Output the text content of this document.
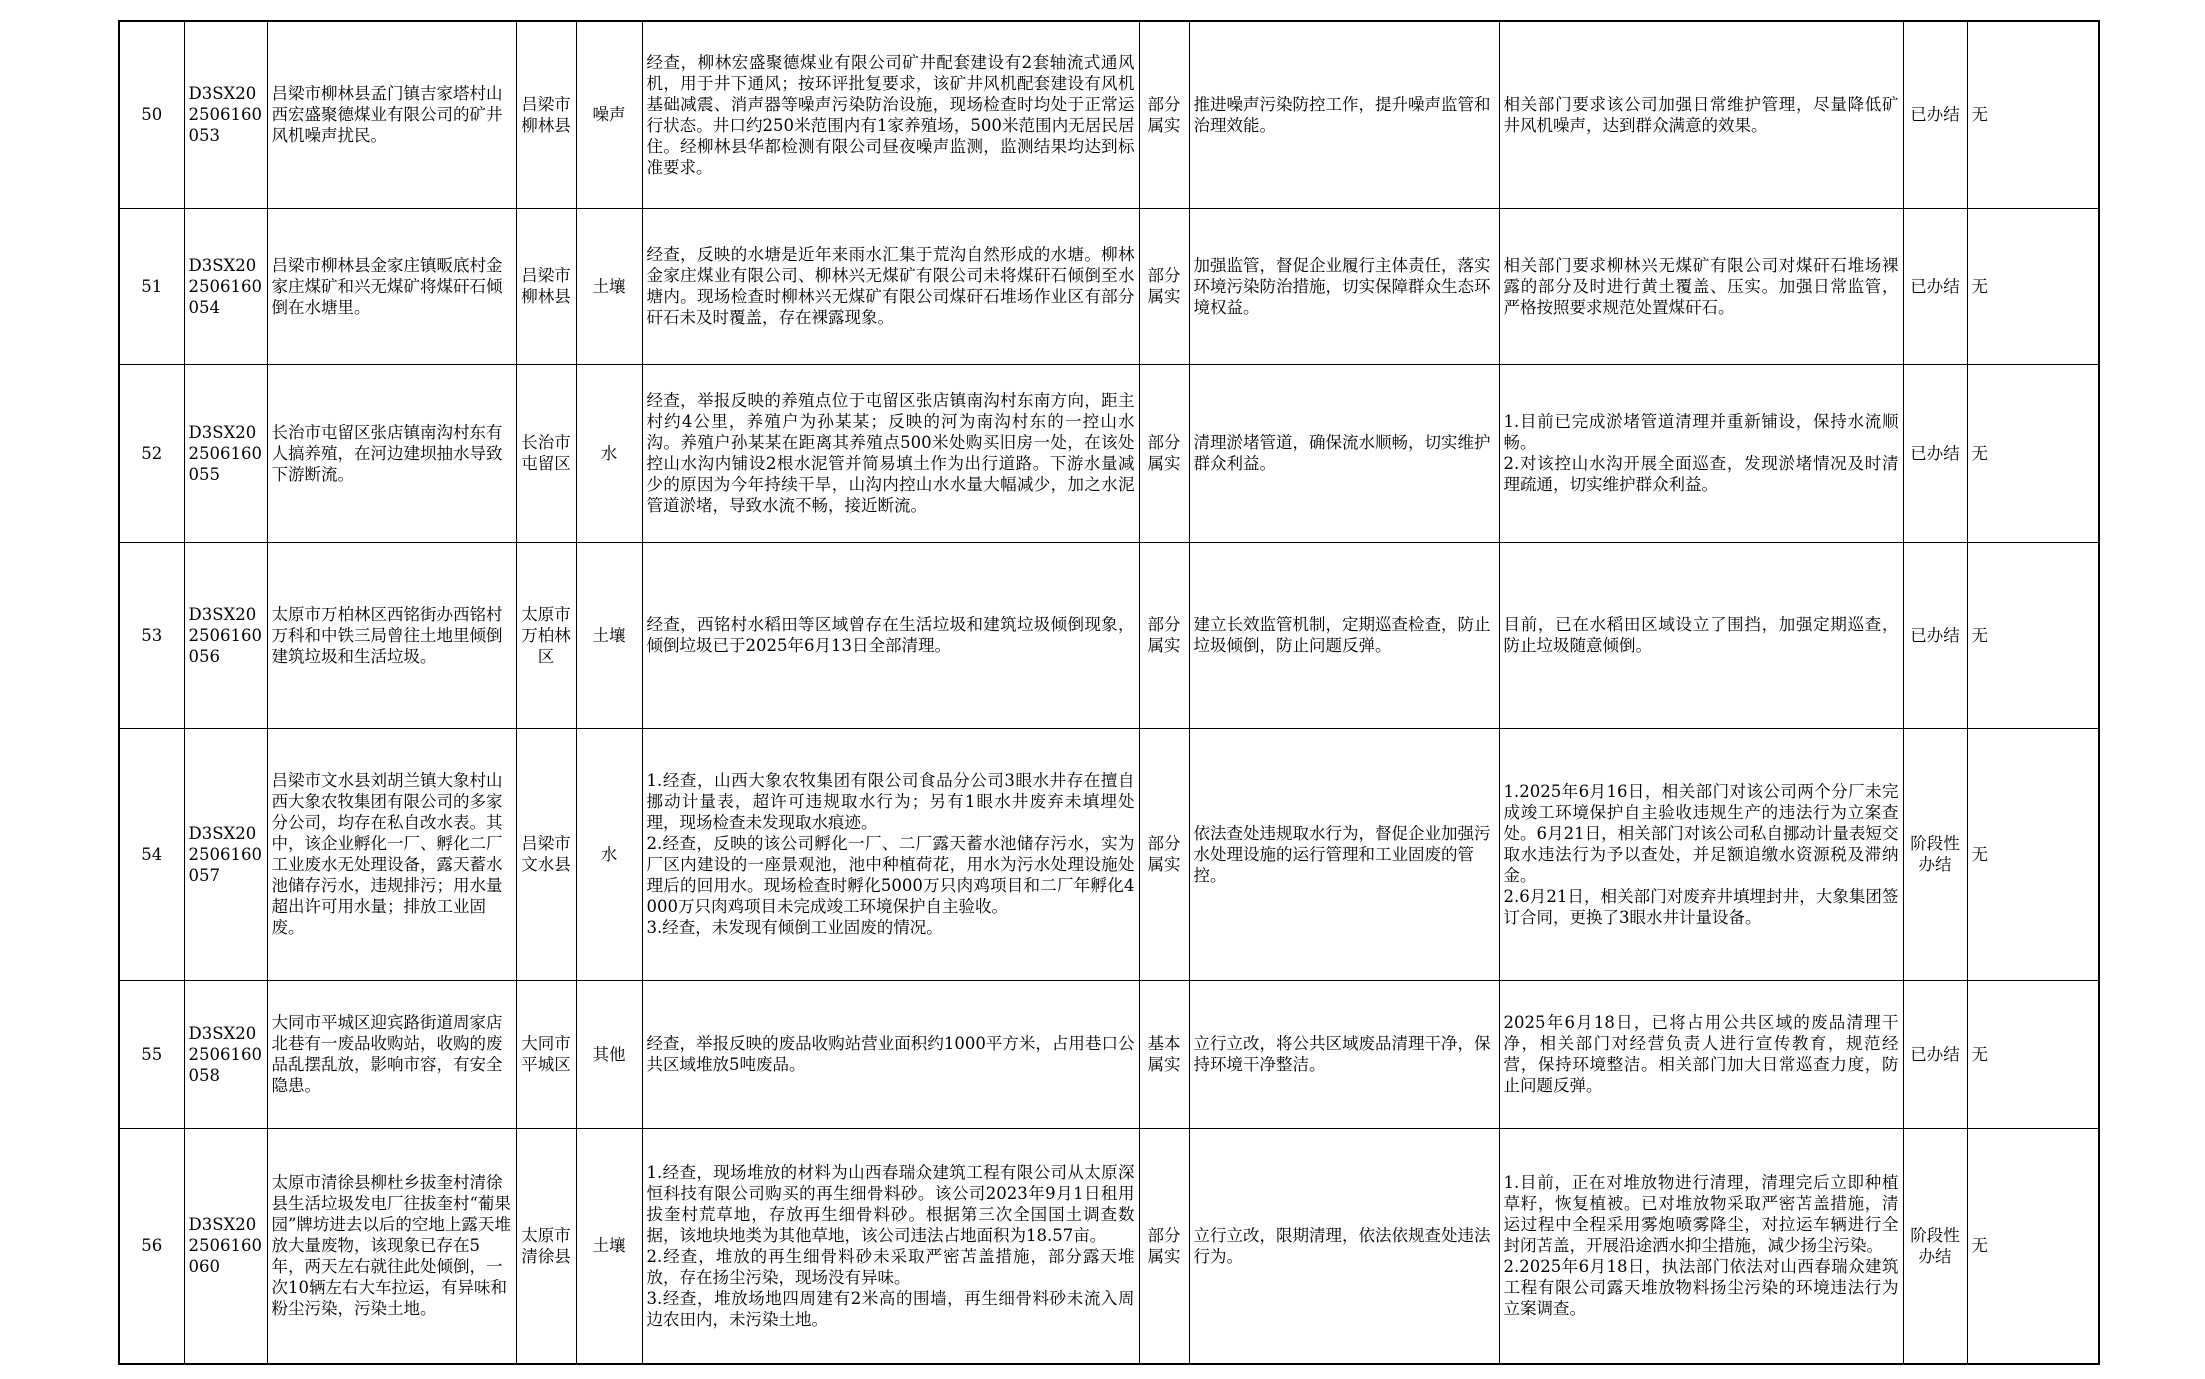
50	D3SX202506160053	吕梁市柳林县孟门镇吉家塔村山西宏盛聚德煤业有限公司的矿井风机噪声扰民。	吕梁市柳林县	噪声	经查，柳林宏盛聚德煤业有限公司矿井配套建设有2套轴流式通风机，用于井下通风；按环评批复要求，该矿井风机配套建设有风机基础减震、消声器等噪声污染防治设施，现场检查时均处于正常运行状态。井口约250米范围内有1家养殖场，500米范围内无居民居住。经柳林县华都检测有限公司昼夜噪声监测，监测结果均达到标准要求。	部分属实	推进噪声污染防控工作，提升噪声监管和治理效能。	相关部门要求该公司加强日常维护管理，尽量降低矿井风机噪声，达到群众满意的效果。	已办结	无
51	D3SX202506160054	吕梁市柳林县金家庄镇畈底村金家庄煤矿和兴无煤矿将煤矸石倾倒在水塘里。	吕梁市柳林县	土壤	经查，反映的水塘是近年来雨水汇集于荒沟自然形成的水塘。柳林金家庄煤业有限公司、柳林兴无煤矿有限公司未将煤矸石倾倒至水塘内。现场检查时柳林兴无煤矿有限公司煤矸石堆场作业区有部分矸石未及时覆盖，存在裸露现象。	部分属实	加强监管，督促企业履行主体责任，落实环境污染防治措施，切实保障群众生态环境权益。	相关部门要求柳林兴无煤矿有限公司对煤矸石堆场裸露的部分及时进行黄土覆盖、压实。加强日常监管，严格按照要求规范处置煤矸石。	已办结	无
52	D3SX202506160055	长治市屯留区张店镇南沟村东有人搞养殖，在河边建坝抽水导致下游断流。	长治市屯留区	水	经查，举报反映的养殖点位于屯留区张店镇南沟村东南方向，距主村约4公里，养殖户为孙某某；反映的河为南沟村东的一控山水沟。养殖户孙某某在距离其养殖点500米处购买旧房一处，在该处控山水沟内铺设2根水泥管并简易填土作为出行道路。下游水量减少的原因为今年持续干旱，山沟内控山水水量大幅减少，加之水泥管道淤堵，导致水流不畅，接近断流。	部分属实	清理淤堵管道，确保流水顺畅，切实维护群众利益。	1.目前已完成淤堵管道清理并重新铺设，保持水流顺畅。
2.对该控山水沟开展全面巡查，发现淤堵情况及时清理疏通，切实维护群众利益。	已办结	无
53	D3SX202506160056	太原市万柏林区西铭街办西铭村万科和中铁三局曾往土地里倾倒建筑垃圾和生活垃圾。	太原市万柏林区	土壤	经查，西铭村水稻田等区域曾存在生活垃圾和建筑垃圾倾倒现象，倾倒垃圾已于2025年6月13日全部清理。	部分属实	建立长效监管机制，定期巡查检查，防止垃圾倾倒，防止问题反弹。	目前，已在水稻田区域设立了围挡，加强定期巡查，防止垃圾随意倾倒。	已办结	无
54	D3SX202506160057	吕梁市文水县刘胡兰镇大象村山西大象农牧集团有限公司的多家分公司，均存在私自改水表。其中，该企业孵化一厂、孵化二厂工业废水无处理设备，露天蓄水池储存污水，违规排污；用水量超出许可用水量；排放工业固废。	吕梁市文水县	水	1.经查，山西大象农牧集团有限公司食品分公司3眼水井存在擅自挪动计量表，超许可违规取水行为；另有1眼水井废弃未填埋处理，现场检查未发现取水痕迹。
2.经查，反映的该公司孵化一厂、二厂露天蓄水池储存污水，实为厂区内建设的一座景观池，池中种植荷花，用水为污水处理设施处理后的回用水。现场检查时孵化5000万只肉鸡项目和二厂年孵化4000万只肉鸡项目未完成竣工环境保护自主验收。
3.经查，未发现有倾倒工业固废的情况。	部分属实	依法查处违规取水行为，督促企业加强污水处理设施的运行管理和工业固废的管控。	1.2025年6月16日，相关部门对该公司两个分厂未完成竣工环境保护自主验收违规生产的违法行为立案查处。6月21日，相关部门对该公司私自挪动计量表短交取水违法行为予以查处，并足额追缴水资源税及滞纳金。
2.6月21日，相关部门对废弃井填埋封井，大象集团签订合同，更换了3眼水井计量设备。	阶段性办结	无
55	D3SX202506160058	大同市平城区迎宾路街道周家店北巷有一废品收购站，收购的废品乱摆乱放，影响市容，有安全隐患。	大同市平城区	其他	经查，举报反映的废品收购站营业面积约1000平方米，占用巷口公共区域堆放5吨废品。	基本属实	立行立改，将公共区域废品清理干净，保持环境干净整洁。	2025年6月18日，已将占用公共区域的废品清理干净，相关部门对经营负责人进行宣传教育，规范经营，保持环境整洁。相关部门加大日常巡查力度，防止问题反弹。	已办结	无
56	D3SX202506160060	太原市清徐县柳杜乡拔奎村清徐县生活垃圾发电厂往拔奎村“葡果园”牌坊进去以后的空地上露天堆放大量废物，该现象已存在5年，两天左右就往此处倾倒，一次10辆左右大车拉运，有异味和粉尘污染，污染土地。	太原市清徐县	土壤	1.经查，现场堆放的材料为山西春瑞众建筑工程有限公司从太原深恒科技有限公司购买的再生细骨料砂。该公司2023年9月1日租用拔奎村荒草地，存放再生细骨料砂。根据第三次全国国土调查数据，该地块地类为其他草地，该公司违法占地面积为18.57亩。
2.经查，堆放的再生细骨料砂未采取严密苫盖措施，部分露天堆放，存在扬尘污染，现场没有异味。
3.经查，堆放场地四周建有2米高的围墙，再生细骨料砂未流入周边农田内，未污染土地。	部分属实	立行立改，限期清理，依法依规查处违法行为。	1.目前，正在对堆放物进行清理，清理完后立即种植草籽，恢复植被。已对堆放物采取严密苫盖措施，清运过程中全程采用雾炮喷雾降尘，对拉运车辆进行全封闭苫盖，开展沿途洒水抑尘措施，减少扬尘污染。
2.2025年6月18日，执法部门依法对山西春瑞众建筑工程有限公司露天堆放物料扬尘污染的环境违法行为立案调查。	阶段性办结	无
